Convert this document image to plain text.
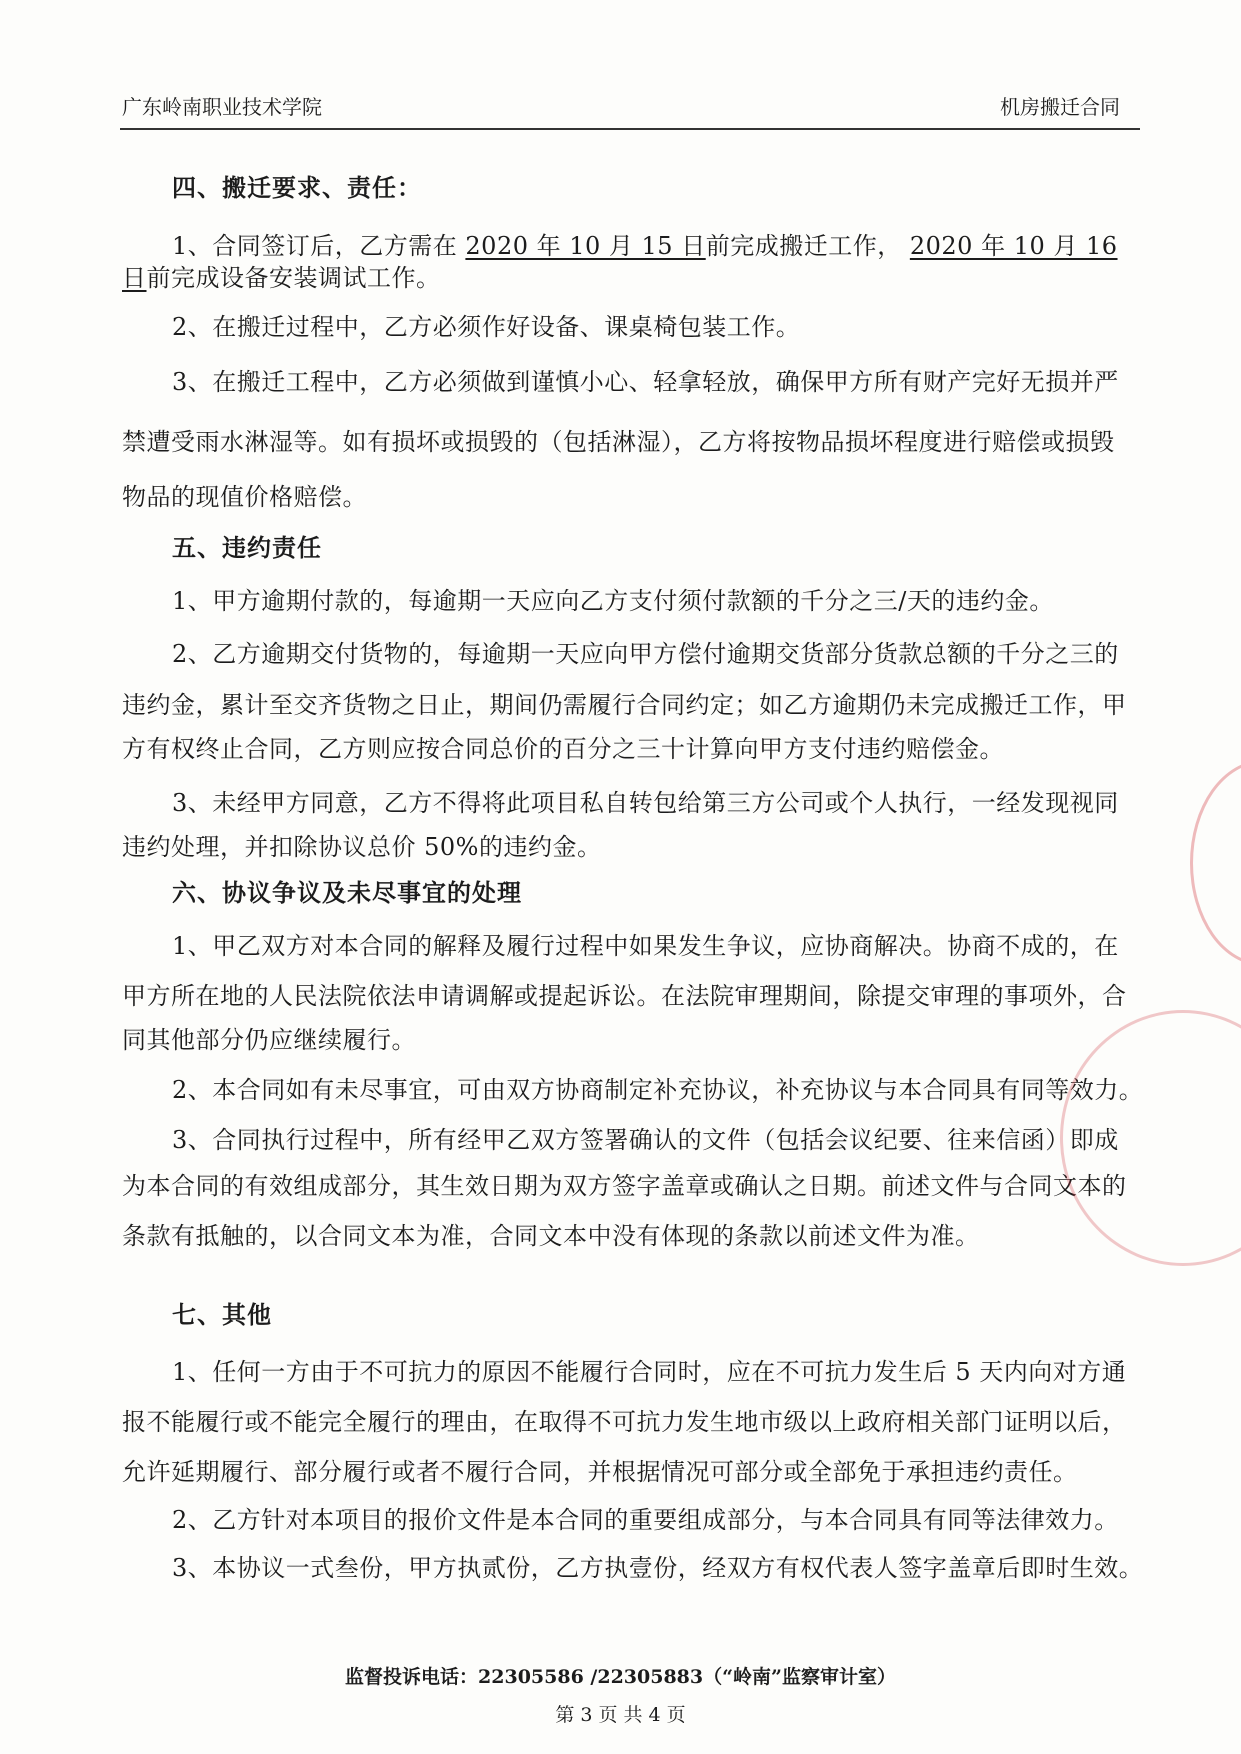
广东岭南职业技术学院	机房搬迁合同
四、搬迁要求、责任：
1、合同签订后，乙方需在 2020 年 10 月 15 日前完成搬迁工作， 2020 年 10 月 16
日前完成设备安装调试工作。
2、在搬迁过程中，乙方必须作好设备、课桌椅包装工作。
3、在搬迁工程中，乙方必须做到谨慎小心、轻拿轻放，确保甲方所有财产完好无损并严
禁遭受雨水淋湿等。如有损坏或损毁的（包括淋湿），乙方将按物品损坏程度进行赔偿或损毁
物品的现值价格赔偿。
五、违约责任
1、甲方逾期付款的，每逾期一天应向乙方支付须付款额的千分之三/天的违约金。
2、乙方逾期交付货物的，每逾期一天应向甲方偿付逾期交货部分货款总额的千分之三的
违约金，累计至交齐货物之日止，期间仍需履行合同约定；如乙方逾期仍未完成搬迁工作，甲
方有权终止合同，乙方则应按合同总价的百分之三十计算向甲方支付违约赔偿金。
3、未经甲方同意，乙方不得将此项目私自转包给第三方公司或个人执行，一经发现视同
违约处理，并扣除协议总价 50%的违约金。
六、协议争议及未尽事宜的处理
1、甲乙双方对本合同的解释及履行过程中如果发生争议，应协商解决。协商不成的，在
甲方所在地的人民法院依法申请调解或提起诉讼。在法院审理期间，除提交审理的事项外，合
同其他部分仍应继续履行。
2、本合同如有未尽事宜，可由双方协商制定补充协议，补充协议与本合同具有同等效力。
3、合同执行过程中，所有经甲乙双方签署确认的文件（包括会议纪要、往来信函）即成
为本合同的有效组成部分，其生效日期为双方签字盖章或确认之日期。前述文件与合同文本的
条款有抵触的，以合同文本为准，合同文本中没有体现的条款以前述文件为准。
七、其他
1、任何一方由于不可抗力的原因不能履行合同时，应在不可抗力发生后 5 天内向对方通
报不能履行或不能完全履行的理由，在取得不可抗力发生地市级以上政府相关部门证明以后，
允许延期履行、部分履行或者不履行合同，并根据情况可部分或全部免于承担违约责任。
2、乙方针对本项目的报价文件是本合同的重要组成部分，与本合同具有同等法律效力。
3、本协议一式叁份，甲方执贰份，乙方执壹份，经双方有权代表人签字盖章后即时生效。
监督投诉电话：22305586 /22305883（“岭南”监察审计室）
第 3 页 共 4 页
